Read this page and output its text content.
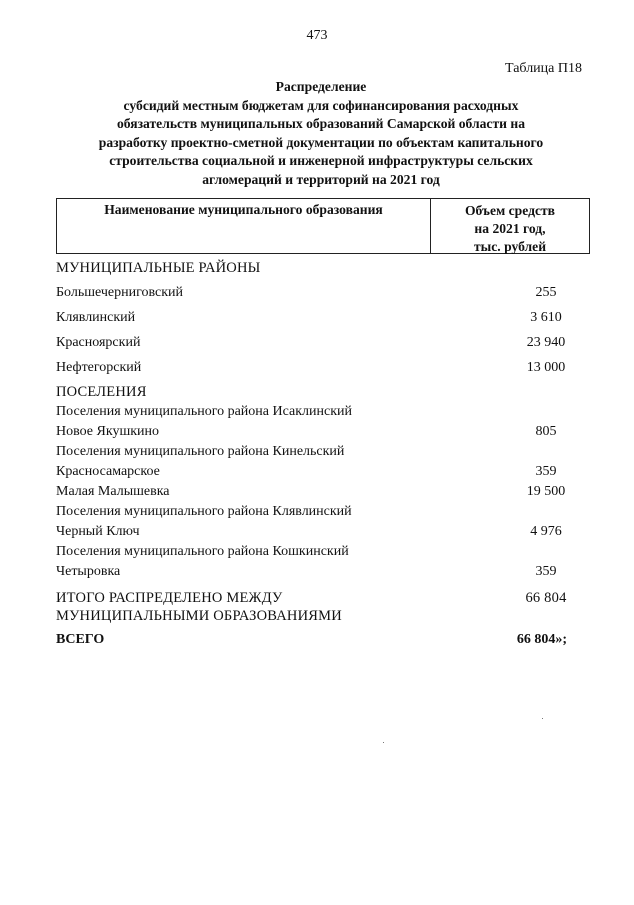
473
Таблица П18
Распределение
субсидий местным бюджетам для софинансирования расходных
обязательств муниципальных образований Самарской области на
разработку проектно-сметной документации по объектам капитального
строительства социальной и инженерной инфраструктуры сельских
агломераций и территорий на 2021 год
Наименование муниципального образования	Объем средств
на 2021 год,
тыс. рублей
МУНИЦИПАЛЬНЫЕ РАЙОНЫ
Большечерниговский	255
Клявлинский	3 610
Красноярский	23 940
Нефтегорский	13 000
ПОСЕЛЕНИЯ
Поселения муниципального района Исаклинский
Новое Якушкино	805
Поселения муниципального района Кинельский
Красносамарское	359
Малая Малышевка	19 500
Поселения муниципального района Клявлинский
Черный Ключ	4 976
Поселения муниципального района Кошкинский
Четыровка	359
ИТОГО РАСПРЕДЕЛЕНО МЕЖДУ	66 804
МУНИЦИПАЛЬНЫМИ ОБРАЗОВАНИЯМИ
ВСЕГО	66 804»;
